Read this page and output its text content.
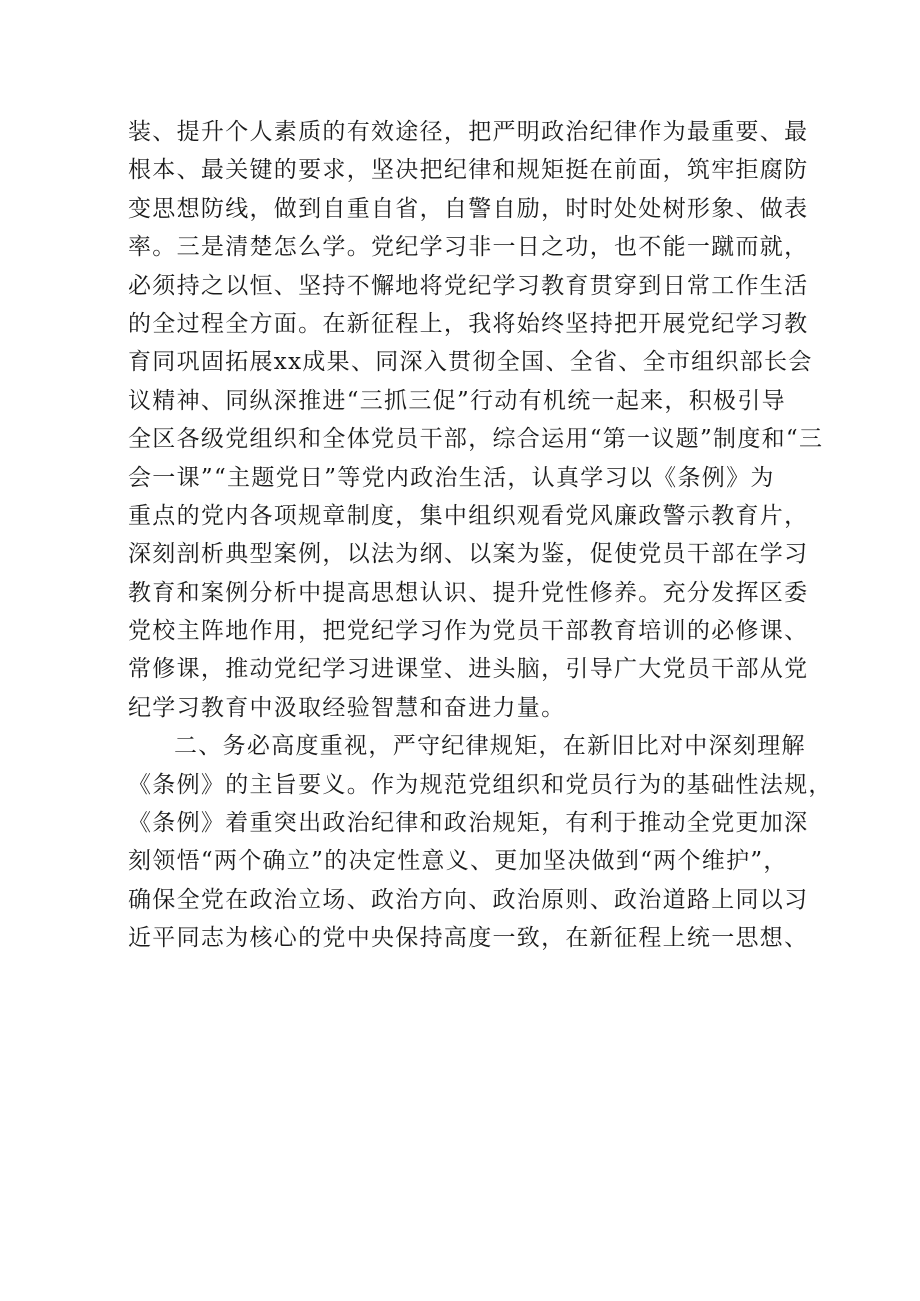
装、提升个人素质的有效途径，把严明政治纪律作为最重要、最
根本、最关键的要求，坚决把纪律和规矩挺在前面，筑牢拒腐防
变思想防线，做到自重自省，自警自励，时时处处树形象、做表
率。三是清楚怎么学。党纪学习非一日之功，也不能一蹴而就，
必须持之以恒、坚持不懈地将党纪学习教育贯穿到日常工作生活
的全过程全方面。在新征程上，我将始终坚持把开展党纪学习教
育同巩固拓展xx成果、同深入贯彻全国、全省、全市组织部长会
议精神、同纵深推进“三抓三促”行动有机统一起来，积极引导
全区各级党组织和全体党员干部，综合运用“第一议题”制度和“三
会一课”“主题党日”等党内政治生活，认真学习以《条例》为
重点的党内各项规章制度，集中组织观看党风廉政警示教育片，
深刻剖析典型案例，以法为纲、以案为鉴，促使党员干部在学习
教育和案例分析中提高思想认识、提升党性修养。充分发挥区委
党校主阵地作用，把党纪学习作为党员干部教育培训的必修课、
常修课，推动党纪学习进课堂、进头脑，引导广大党员干部从党
纪学习教育中汲取经验智慧和奋进力量。
二、务必高度重视，严守纪律规矩，在新旧比对中深刻理解
《条例》的主旨要义。作为规范党组织和党员行为的基础性法规，
《条例》着重突出政治纪律和政治规矩，有利于推动全党更加深
刻领悟“两个确立”的决定性意义、更加坚决做到“两个维护”，
确保全党在政治立场、政治方向、政治原则、政治道路上同以习
近平同志为核心的党中央保持高度一致，在新征程上统一思想、
